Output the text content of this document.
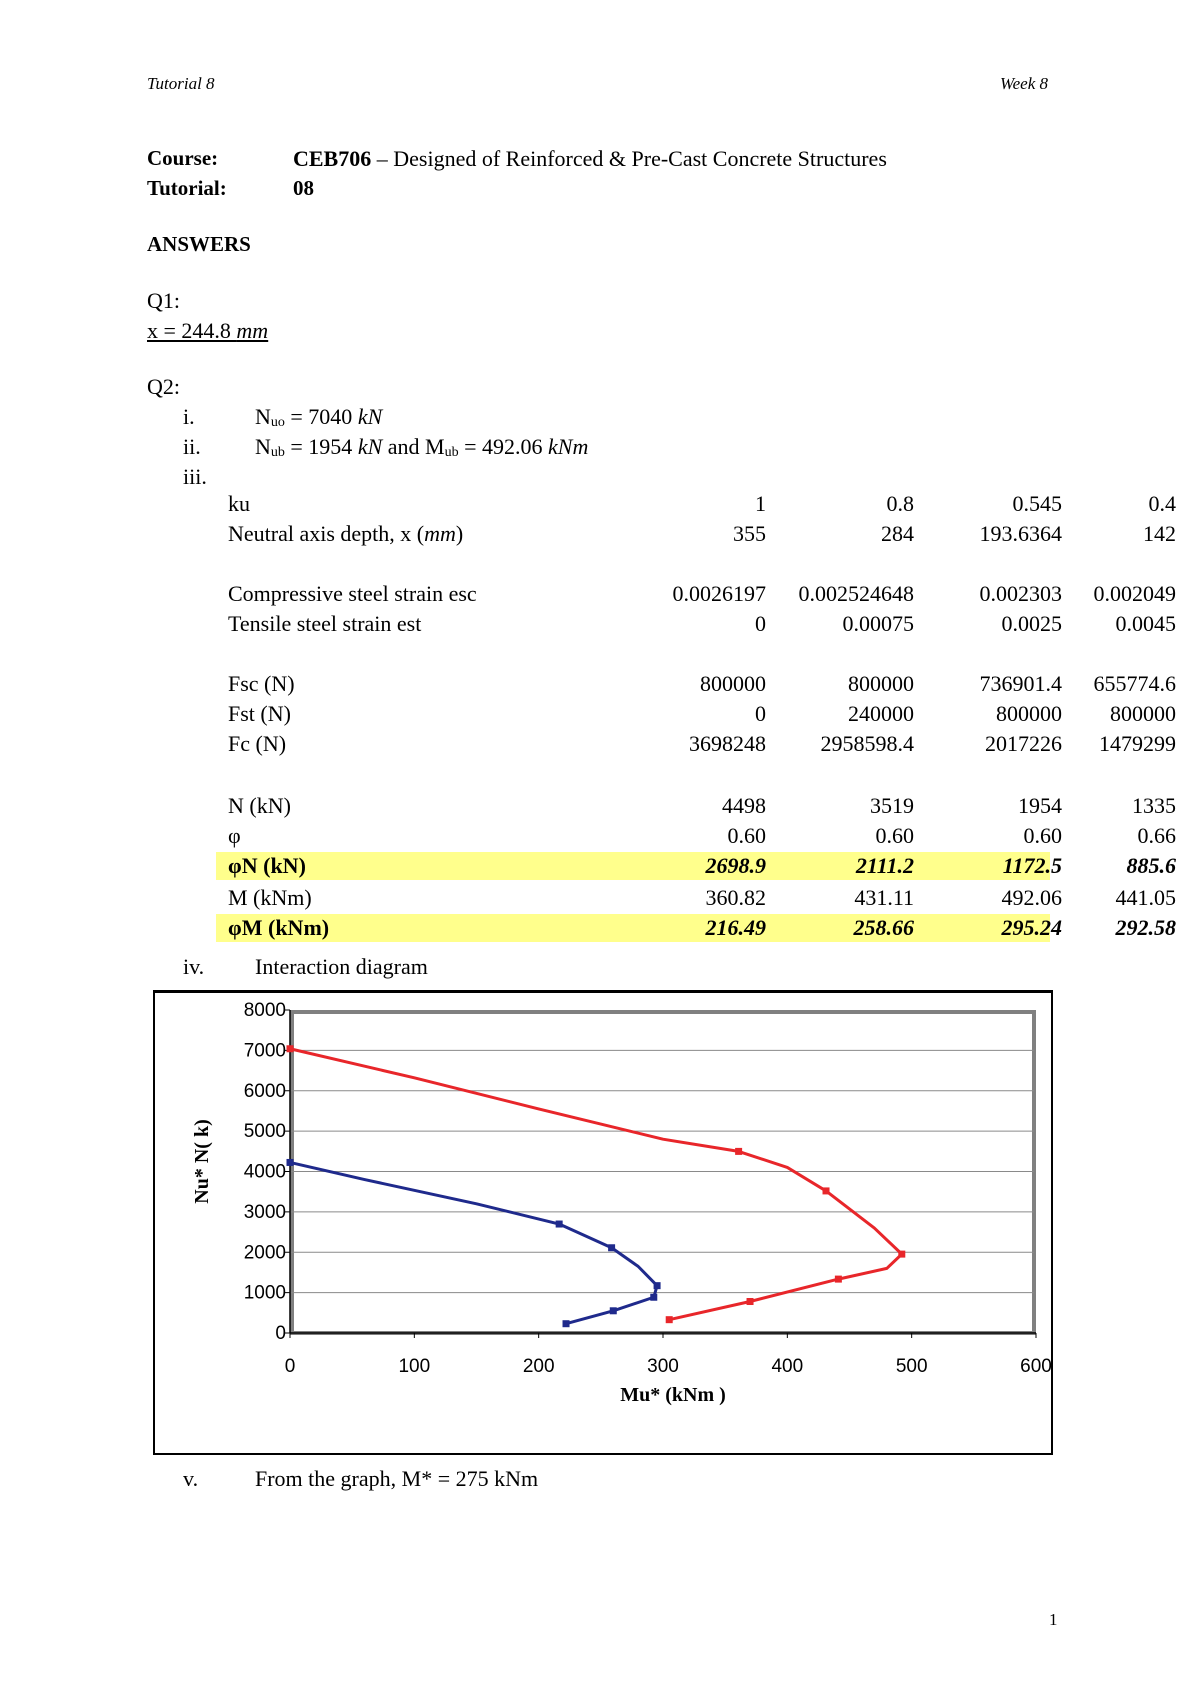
Tutorial 8	Week 8
Course:	CEB706 – Designed of Reinforced & Pre-Cast Concrete Structures
Tutorial:	08
ANSWERS
Q1:
x = 244.8 mm
Q2:
i.	$N_{uo} = 7040$ kN
ii. $N_{ub} = 1954$ kN and $M_{ub} = 492.06$ kNm
iii.
ku	1	0.8	0.545	0.4
Neutral axis depth, x (mm)	355	284	193.6364	142
Compressive steel strain esc	0.0026197	0.002524648	0.002303	0.002049
Tensile steel strain est	0	0.00075	0.0025	0.0045
Fsc (N)	800000	800000	736901.4	655774.6
Fst (N)	0	240000	800000	800000
Fc (N)	3698248	2958598.4	2017226	1479299
N (kN)	4498	3519	1954	1335
φ	0.60	0.60	0.60	0.66
φN (kN)	2698.9	2111.2	1172.5	885.6
M (kNm)	360.82	431.11	492.06	441.05
φM (kNm)	216.49	258.66	295.24	292.58
iv. Interaction diagram
0
1000
2000
3000
4000
5000
6000
7000
8000
0	100	200	300	400	500	600
Mu* (kNm )
Nu* N( k)
v.	From the graph, M* = 275 kNm
1
